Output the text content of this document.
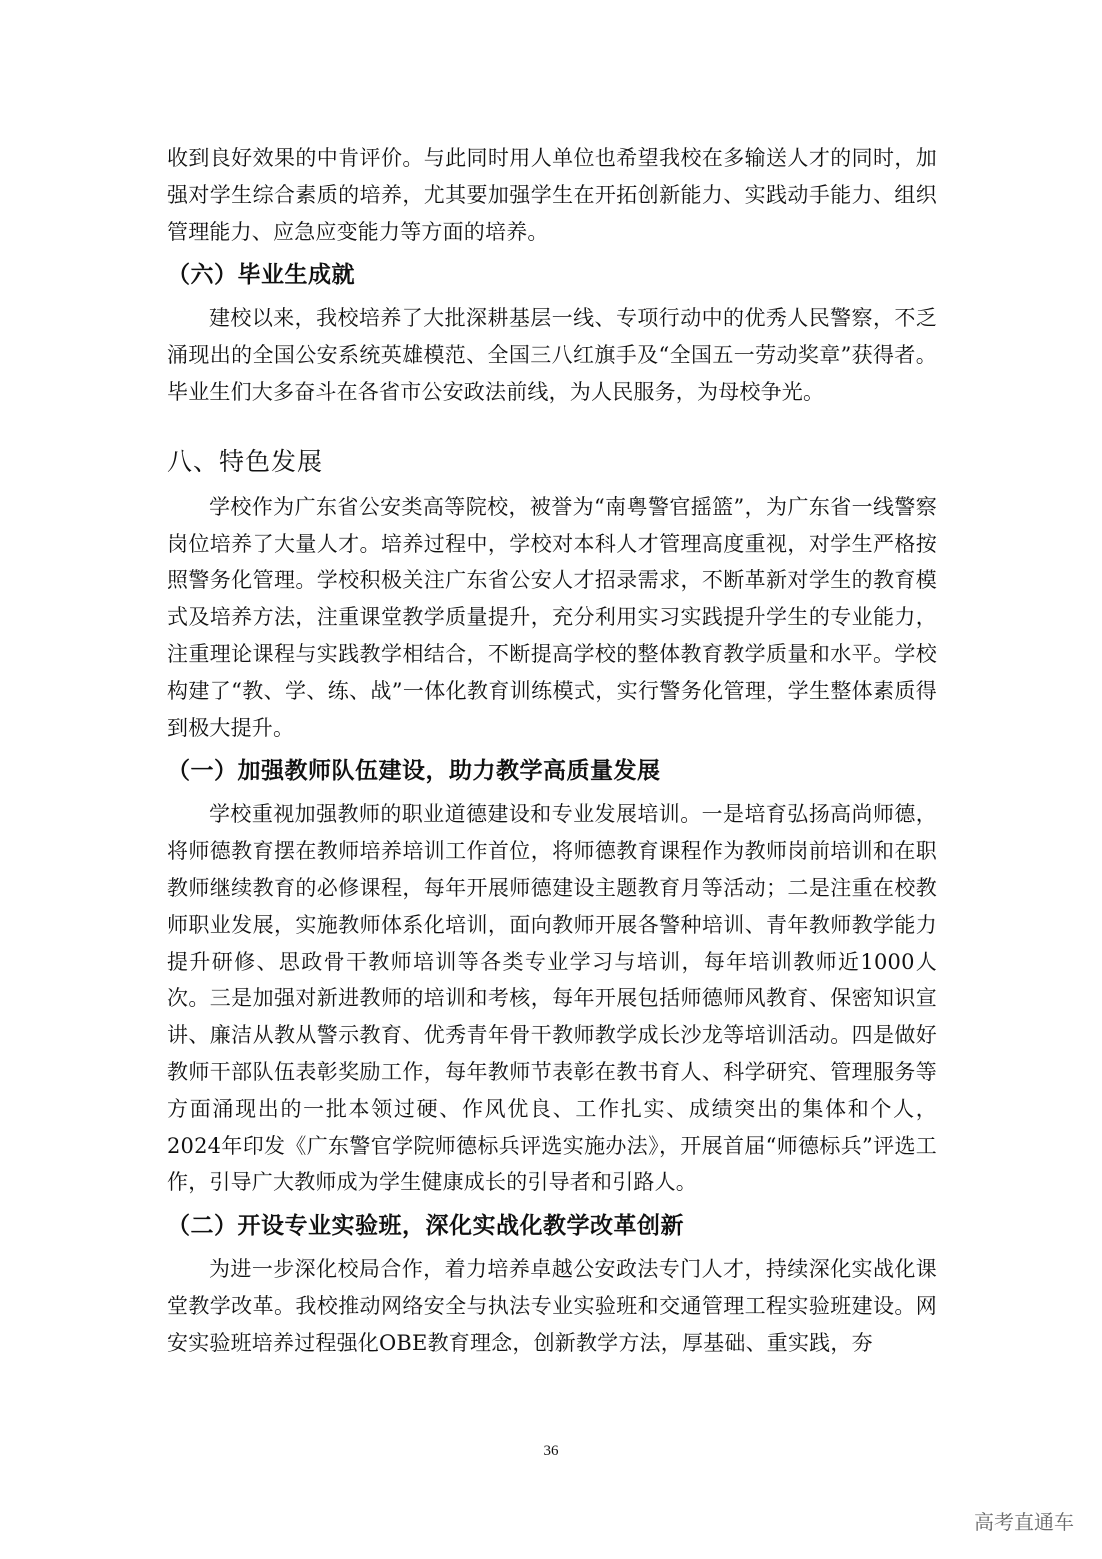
收到良好效果的中肯评价。与此同时用人单位也希望我校在多输送人才的同时，加强对学生综合素质的培养，尤其要加强学生在开拓创新能力、实践动手能力、组织管理能力、应急应变能力等方面的培养。

（六）毕业生成就

建校以来，我校培养了大批深耕基层一线、专项行动中的优秀人民警察，不乏涌现出的全国公安系统英雄模范、全国三八红旗手及“全国五一劳动奖章”获得者。毕业生们大多奋斗在各省市公安政法前线，为人民服务，为母校争光。

八、特色发展

学校作为广东省公安类高等院校，被誉为“南粤警官摇篮”，为广东省一线警察岗位培养了大量人才。培养过程中，学校对本科人才管理高度重视，对学生严格按照警务化管理。学校积极关注广东省公安人才招录需求，不断革新对学生的教育模式及培养方法，注重课堂教学质量提升，充分利用实习实践提升学生的专业能力，注重理论课程与实践教学相结合，不断提高学校的整体教育教学质量和水平。学校构建了“教、学、练、战”一体化教育训练模式，实行警务化管理，学生整体素质得到极大提升。

（一）加强教师队伍建设，助力教学高质量发展

学校重视加强教师的职业道德建设和专业发展培训。一是培育弘扬高尚师德，将师德教育摆在教师培养培训工作首位，将师德教育课程作为教师岗前培训和在职教师继续教育的必修课程，每年开展师德建设主题教育月等活动；二是注重在校教师职业发展，实施教师体系化培训，面向教师开展各警种培训、青年教师教学能力提升研修、思政骨干教师培训等各类专业学习与培训，每年培训教师近1000人次。三是加强对新进教师的培训和考核，每年开展包括师德师风教育、保密知识宣讲、廉洁从教从警示教育、优秀青年骨干教师教学成长沙龙等培训活动。四是做好教师干部队伍表彰奖励工作，每年教师节表彰在教书育人、科学研究、管理服务等方面涌现出的一批本领过硬、作风优良、工作扎实、成绩突出的集体和个人，2024年印发《广东警官学院师德标兵评选实施办法》，开展首届“师德标兵”评选工作，引导广大教师成为学生健康成长的引导者和引路人。

（二）开设专业实验班，深化实战化教学改革创新

为进一步深化校局合作，着力培养卓越公安政法专门人才，持续深化实战化课堂教学改革。我校推动网络安全与执法专业实验班和交通管理工程实验班建设。网安实验班培养过程强化OBE教育理念，创新教学方法，厚基础、重实践，夯

36
高考直通车
